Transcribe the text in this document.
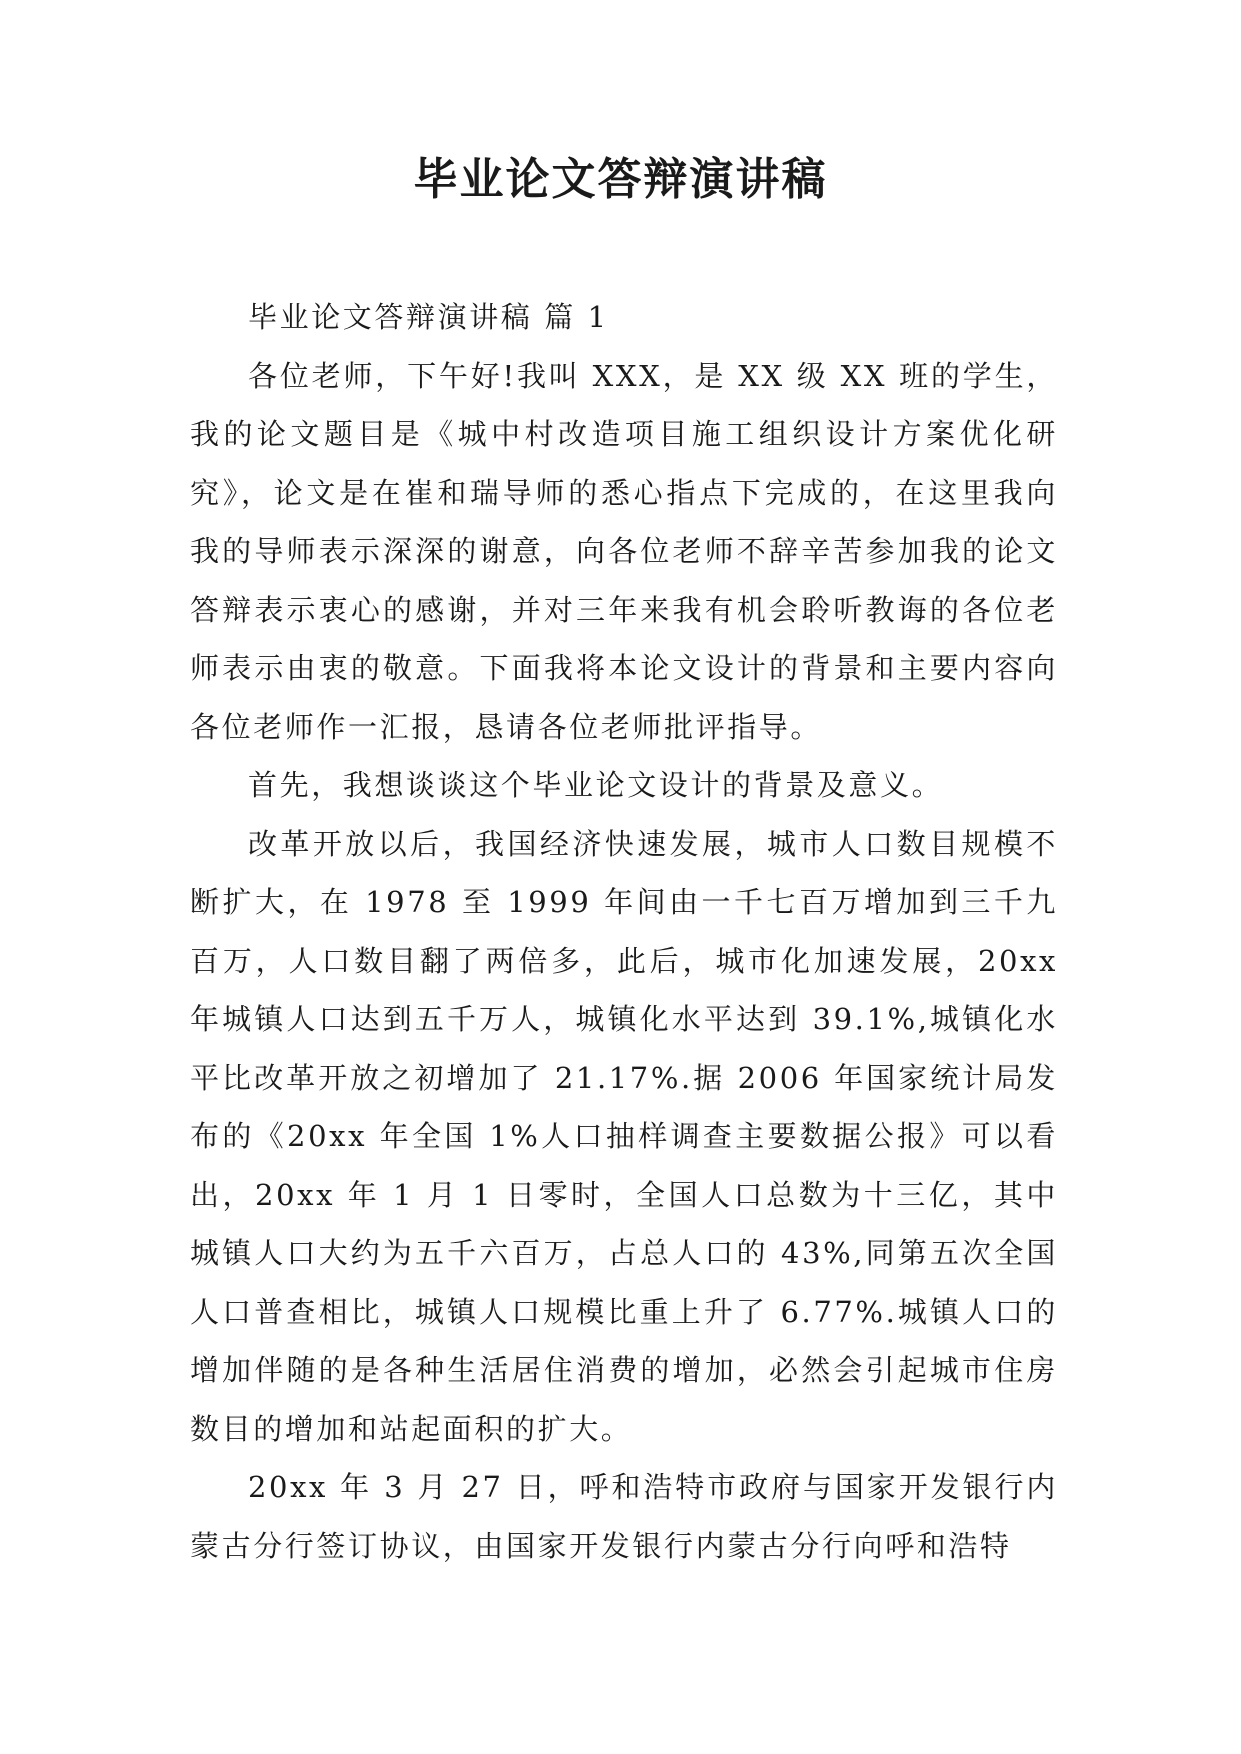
毕业论文答辩演讲稿

毕业论文答辩演讲稿 篇 1

各位老师，下午好!我叫 XXX，是 XX 级 XX 班的学生，我的论文题目是《城中村改造项目施工组织设计方案优化研究》，论文是在崔和瑞导师的悉心指点下完成的，在这里我向我的导师表示深深的谢意，向各位老师不辞辛苦参加我的论文答辩表示衷心的感谢，并对三年来我有机会聆听教诲的各位老师表示由衷的敬意。下面我将本论文设计的背景和主要内容向各位老师作一汇报，恳请各位老师批评指导。

首先，我想谈谈这个毕业论文设计的背景及意义。

改革开放以后，我国经济快速发展，城市人口数目规模不断扩大，在 1978 至 1999 年间由一千七百万增加到三千九百万，人口数目翻了两倍多，此后，城市化加速发展，20xx 年城镇人口达到五千万人，城镇化水平达到 39.1%,城镇化水平比改革开放之初增加了 21.17%.据 2006 年国家统计局发布的《20xx 年全国 1%人口抽样调查主要数据公报》可以看出，20xx 年 1 月 1 日零时，全国人口总数为十三亿，其中城镇人口大约为五千六百万，占总人口的 43%,同第五次全国人口普查相比，城镇人口规模比重上升了 6.77%.城镇人口的增加伴随的是各种生活居住消费的增加，必然会引起城市住房数目的增加和站起面积的扩大。

20xx 年 3 月 27 日，呼和浩特市政府与国家开发银行内蒙古分行签订协议，由国家开发银行内蒙古分行向呼和浩特
